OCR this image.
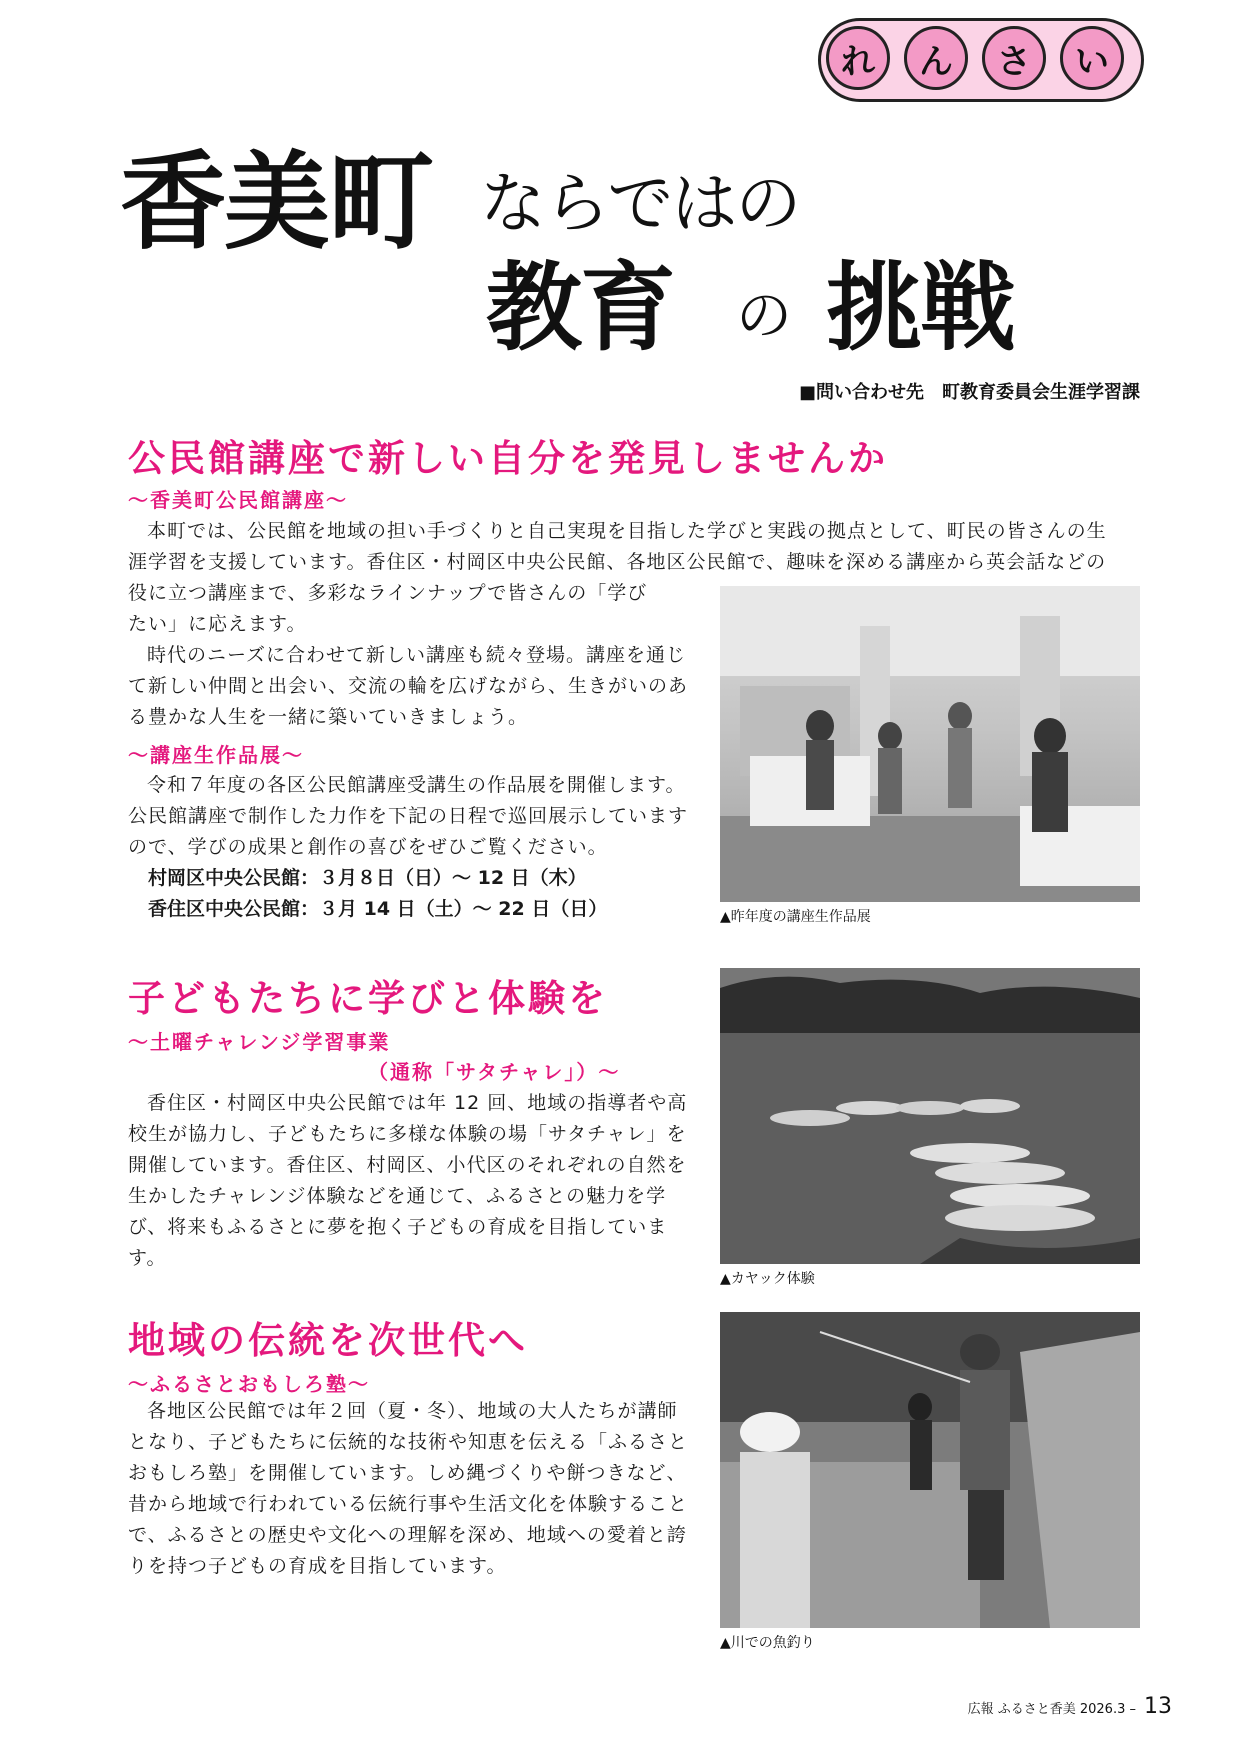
れ	ん	さ	い
香美町 ならではの
教育 の 挑戦
■問い合わせ先　町教育委員会生涯学習課
公民館講座で新しい自分を発見しませんか
～香美町公民館講座～

本町では、公民館を地域の担い手づくりと自己実現を目指した学びと実践の拠点として、町民の皆さんの生

涯学習を支援しています。香住区・村岡区中央公民館、各地区公民館で、趣味を深める講座から英会話などの

役に立つ講座まで、多彩なラインナップで皆さんの「学び

たい」に応えます。

時代のニーズに合わせて新しい講座も続々登場。講座を通じて新しい仲間と出会い、交流の輪を広げながら、生きがいのある豊かな人生を一緒に築いていきましょう。

～講座生作品展～

令和７年度の各区公民館講座受講生の作品展を開催します。公民館講座で制作した力作を下記の日程で巡回展示していますので、学びの成果と創作の喜びをぜひご覧ください。

村岡区中央公民館：３月８日（日）～ 12 日（木）
香住区中央公民館：３月 14 日（土）～ 22 日（日）	▲昨年度の講座生作品展
子どもたちに学びと体験を
～土曜チャレンジ学習事業
（通称「サタチャレ」）～

香住区・村岡区中央公民館では年 12 回、地域の指導者や高校生が協力し、子どもたちに多様な体験の場「サタチャレ」を開催しています。香住区、村岡区、小代区のそれぞれの自然を生かしたチャレンジ体験などを通じて、ふるさとの魅力を学び、将来もふるさとに夢を抱く子どもの育成を目指しています。

▲カヤック体験
地域の伝統を次世代へ
～ふるさとおもしろ塾～

各地区公民館では年２回（夏・冬）、地域の大人たちが講師となり、子どもたちに伝統的な技術や知恵を伝える「ふるさとおもしろ塾」を開催しています。しめ縄づくりや餅つきなど、昔から地域で行われている伝統行事や生活文化を体験することで、ふるさとの歴史や文化への理解を深め、地域への愛着と誇りを持つ子どもの育成を目指しています。

▲川での魚釣り
広報 ふるさと香美 2026.3 – 13
